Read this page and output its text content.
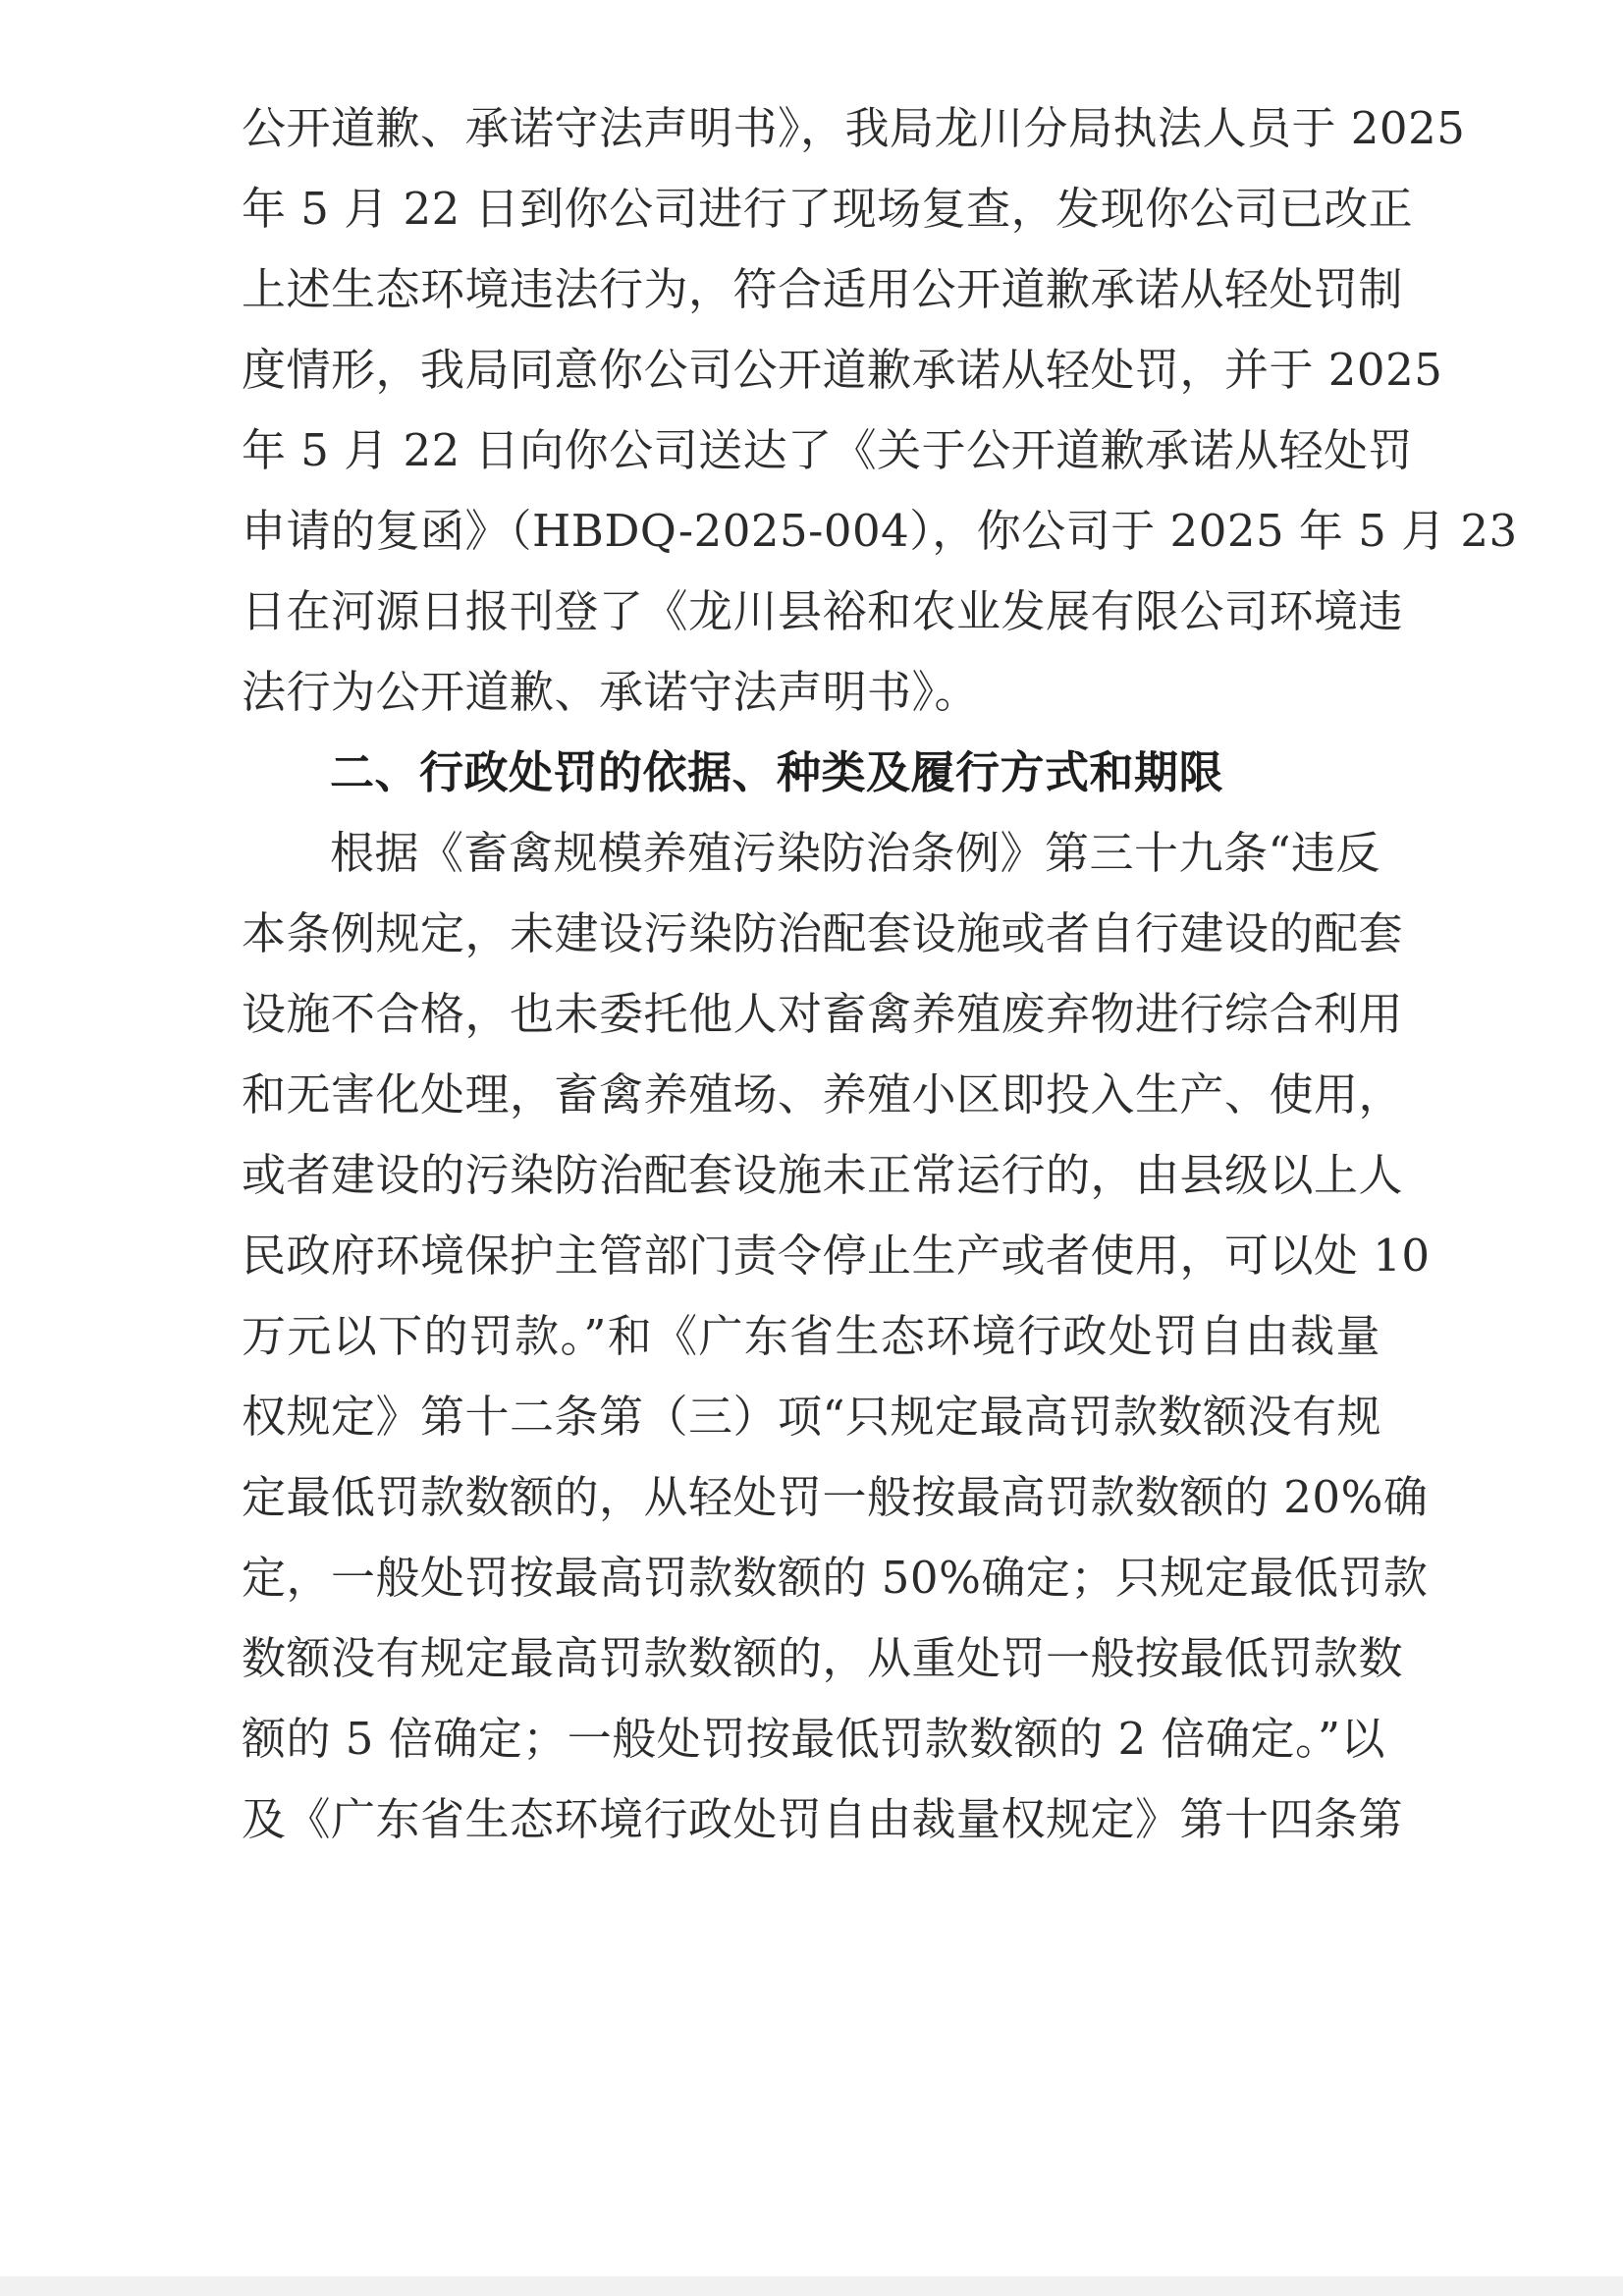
公开道歉、承诺守法声明书》，我局龙川分局执法人员于 2025
年 5 月 22 日到你公司进行了现场复查，发现你公司已改正
上述生态环境违法行为，符合适用公开道歉承诺从轻处罚制
度情形，我局同意你公司公开道歉承诺从轻处罚，并于 2025
年 5 月 22 日向你公司送达了《关于公开道歉承诺从轻处罚
申请的复函》（HBDQ-2025-004），你公司于 2025 年 5 月 23
日在河源日报刊登了《龙川县裕和农业发展有限公司环境违
法行为公开道歉、承诺守法声明书》。
二、行政处罚的依据、种类及履行方式和期限
根据《畜禽规模养殖污染防治条例》第三十九条“违反
本条例规定，未建设污染防治配套设施或者自行建设的配套
设施不合格，也未委托他人对畜禽养殖废弃物进行综合利用
和无害化处理，畜禽养殖场、养殖小区即投入生产、使用，
或者建设的污染防治配套设施未正常运行的，由县级以上人
民政府环境保护主管部门责令停止生产或者使用，可以处 10
万元以下的罚款。”和《广东省生态环境行政处罚自由裁量
权规定》第十二条第（三）项“只规定最高罚款数额没有规
定最低罚款数额的，从轻处罚一般按最高罚款数额的 20%确
定，一般处罚按最高罚款数额的 50%确定；只规定最低罚款
数额没有规定最高罚款数额的，从重处罚一般按最低罚款数
额的 5 倍确定；一般处罚按最低罚款数额的 2 倍确定。”以
及《广东省生态环境行政处罚自由裁量权规定》第十四条第
